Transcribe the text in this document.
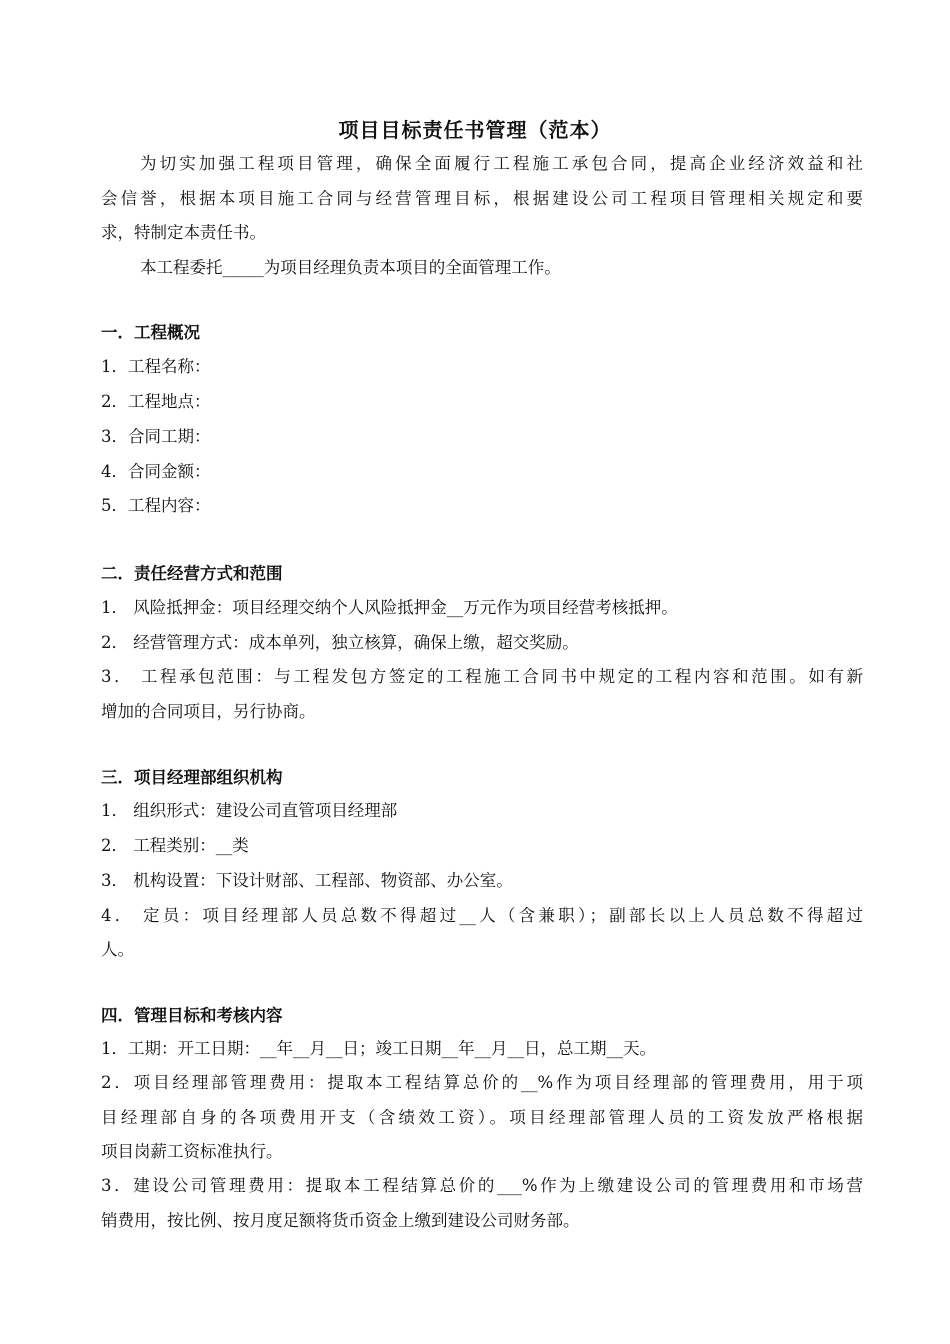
项目目标责任书管理（范本）
为切实加强工程项目管理，确保全面履行工程施工承包合同，提高企业经济效益和社
会信誉，根据本项目施工合同与经营管理目标，根据建设公司工程项目管理相关规定和要
求，特制定本责任书。
本工程委托_____为项目经理负责本项目的全面管理工作。
一．工程概况
1．工程名称：
2．工程地点：
3．合同工期：
4．合同金额：
5．工程内容：
二．责任经营方式和范围
1． 风险抵押金：项目经理交纳个人风险抵押金__万元作为项目经营考核抵押。
2． 经营管理方式：成本单列，独立核算，确保上缴，超交奖励。
3． 工程承包范围：与工程发包方签定的工程施工合同书中规定的工程内容和范围。如有新
增加的合同项目，另行协商。
三．项目经理部组织机构
1． 组织形式：建设公司直管项目经理部
2． 工程类别：__类
3． 机构设置：下设计财部、工程部、物资部、办公室。
4． 定员：项目经理部人员总数不得超过__人（含兼职）；副部长以上人员总数不得超过
人。
四．管理目标和考核内容
1．工期：开工日期：__年__月__日；竣工日期__年__月__日，总工期__天。
2．项目经理部管理费用：提取本工程结算总价的__%作为项目经理部的管理费用，用于项
目经理部自身的各项费用开支（含绩效工资）。项目经理部管理人员的工资发放严格根据
项目岗薪工资标准执行。
3．建设公司管理费用：提取本工程结算总价的___%作为上缴建设公司的管理费用和市场营
销费用，按比例、按月度足额将货币资金上缴到建设公司财务部。
